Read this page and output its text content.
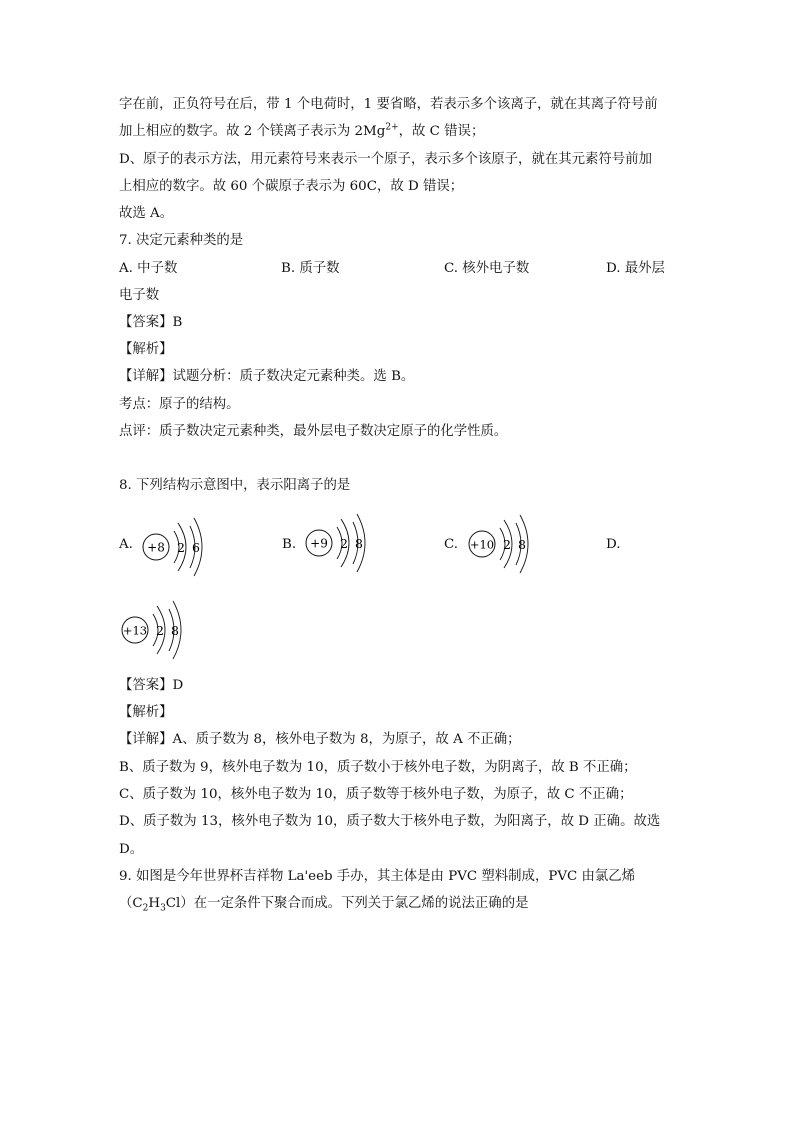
字在前，正负符号在后，带 1 个电荷时，1 要省略，若表示多个该离子，就在其离子符号前
加上相应的数字。故 2 个镁离子表示为 $2Mg^{2+}$，故 C 错误；
D、原子的表示方法，用元素符号来表示一个原子，表示多个该原子，就在其元素符号前加
上相应的数字。故 60 个碳原子表示为 60C，故 D 错误；
故选 A。
7. 决定元素种类的是
A. 中子数	B. 质子数	C. 核外电子数	D. 最外层
电子数
【答案】B
【解析】
【详解】试题分析：质子数决定元素种类。选 B。
考点：原子的结构。
点评：质子数决定元素种类，最外层电子数决定原子的化学性质。
8. 下列结构示意图中，表示阳离子的是
A. +8 2 6	B. +9 2 8	C. +10 2 8	D.
+13 2 8
【答案】D
【解析】
【详解】A、质子数为 8，核外电子数为 8，为原子，故 A 不正确；
B、质子数为 9，核外电子数为 10，质子数小于核外电子数，为阴离子，故 B 不正确；
C、质子数为 10，核外电子数为 10，质子数等于核外电子数，为原子，故 C 不正确；
D、质子数为 13，核外电子数为 10，质子数大于核外电子数，为阳离子，故 D 正确。故选
D。
9. 如图是今年世界杯吉祥物 La'eeb 手办，其主体是由 PVC 塑料制成，PVC 由氯乙烯
$(C_2H_3Cl)$在一定条件下聚合而成。下列关于氯乙烯的说法正确的是
